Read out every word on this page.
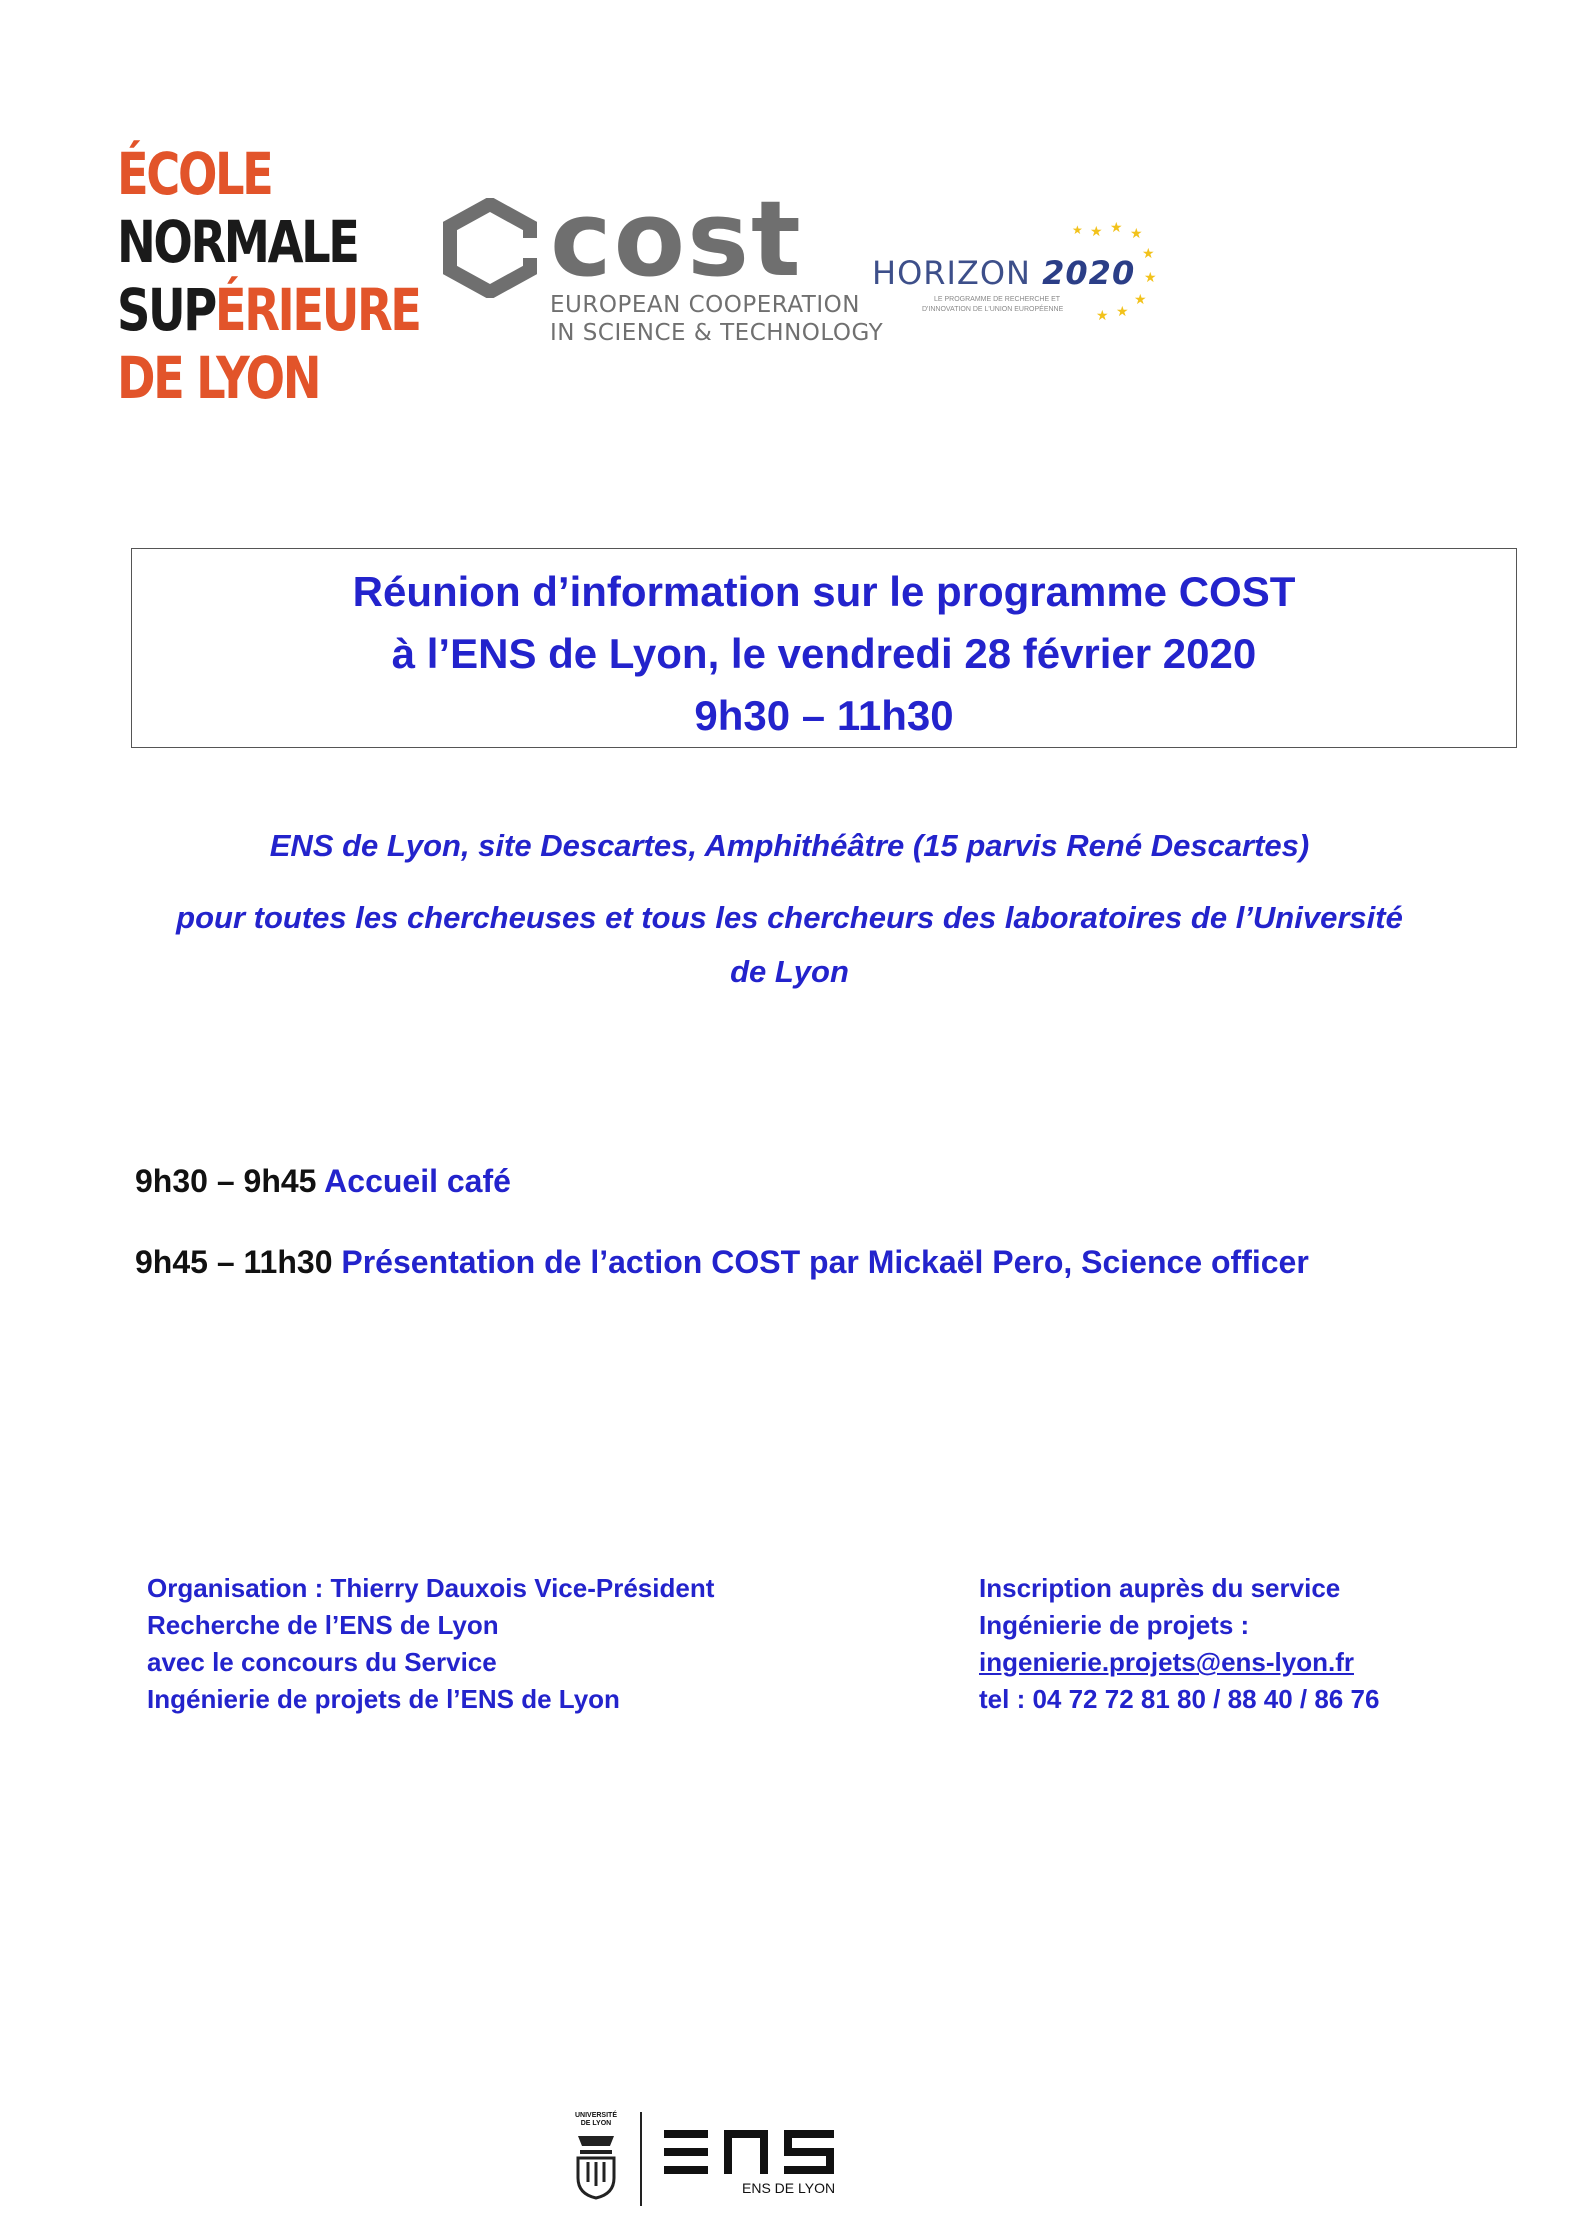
ÉCOLE
NORMALE
SUPÉRIEURE
DE LYON
cost
EUROPEAN COOPERATION
IN SCIENCE & TECHNOLOGY
★ ★ ★
★
★
★
★
★
★
HORIZON 2020
LE PROGRAMME DE RECHERCHE ET
D'INNOVATION DE L'UNION EUROPÉENNE
Réunion d’information sur le programme COST
à l’ENS de Lyon, le vendredi 28 février 2020
9h30 – 11h30
ENS de Lyon, site Descartes, Amphithéâtre (15 parvis René Descartes)
pour toutes les chercheuses et tous les chercheurs des laboratoires de l’Université
de Lyon
9h30 – 9h45 Accueil café
9h45 – 11h30 Présentation de l’action COST par Mickaël Pero, Science officer
Organisation : Thierry Dauxois Vice-Président
Recherche de l’ENS de Lyon
avec le concours du Service
Ingénierie de projets de l’ENS de Lyon
Inscription auprès du service
Ingénierie de projets :
ingenierie.projets@ens-lyon.fr
tel : 04 72 72 81 80 / 88 40 / 86 76
UNIVERSITÉ
DE LYON
ENS DE LYON
